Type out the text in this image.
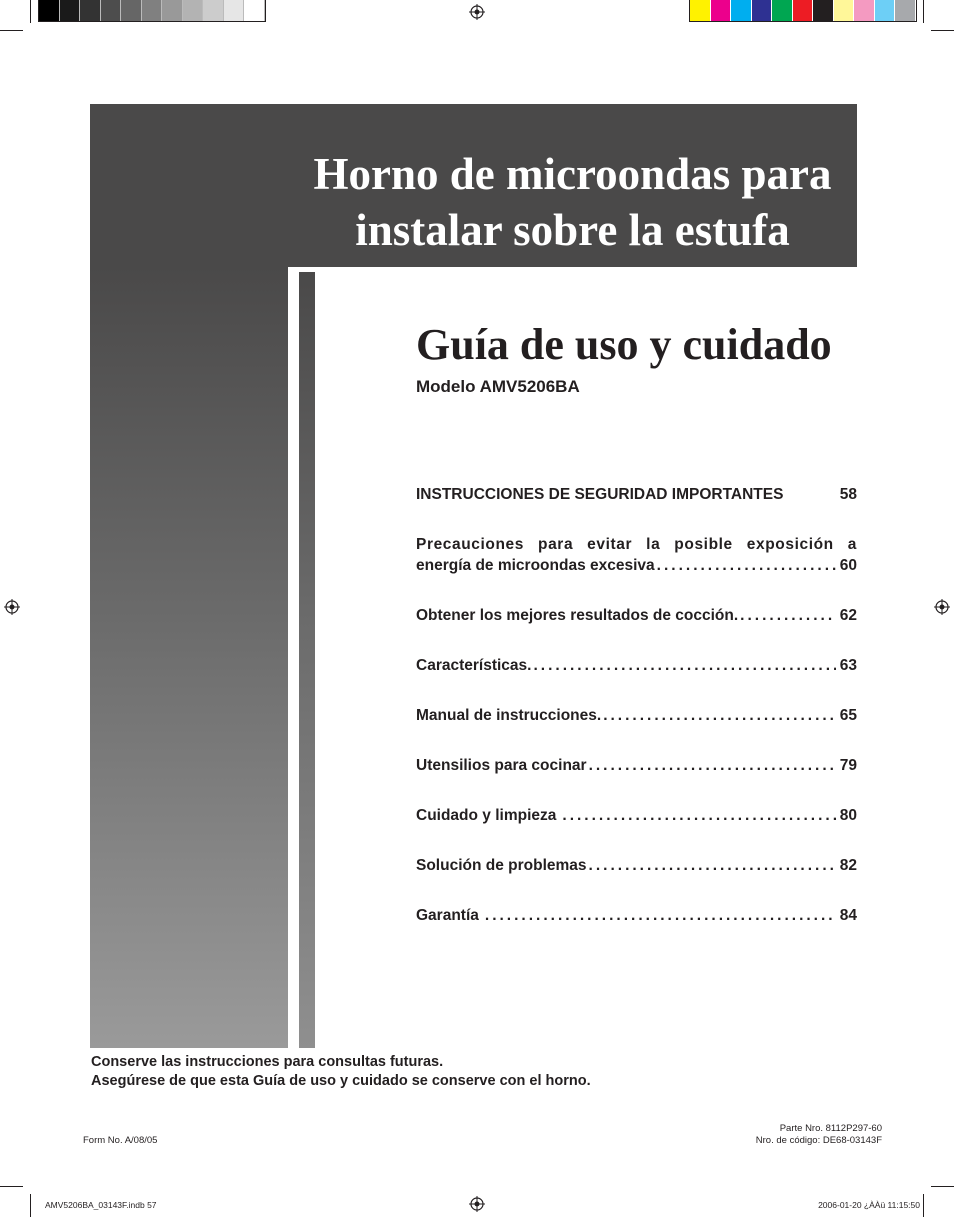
Horno de microondas para
instalar sobre la estufa
Guía de uso y cuidado
Modelo AMV5206BA
INSTRUCCIONES DE SEGURIDAD IMPORTANTES	58
Precauciones para evitar la posible exposición a
energía de microondas excesiva .....	60
Obtener los mejores resultados de cocción. .....	62
Características. .....	63
Manual de instrucciones. .....	65
Utensilios para cocinar .....	79
Cuidado y limpieza .....	80
Solución de problemas .....	82
Garantía .....	84
Conserve las instrucciones para consultas futuras.
Asegúrese de que esta Guía de uso y cuidado se conserve con el horno.
Form No. A/08/05
Parte Nro. 8112P297-60
Nro. de código: DE68-03143F
AMV5206BA_03143F.indb 57	2006-01-20 ¿ÀÀü 11:15:50
